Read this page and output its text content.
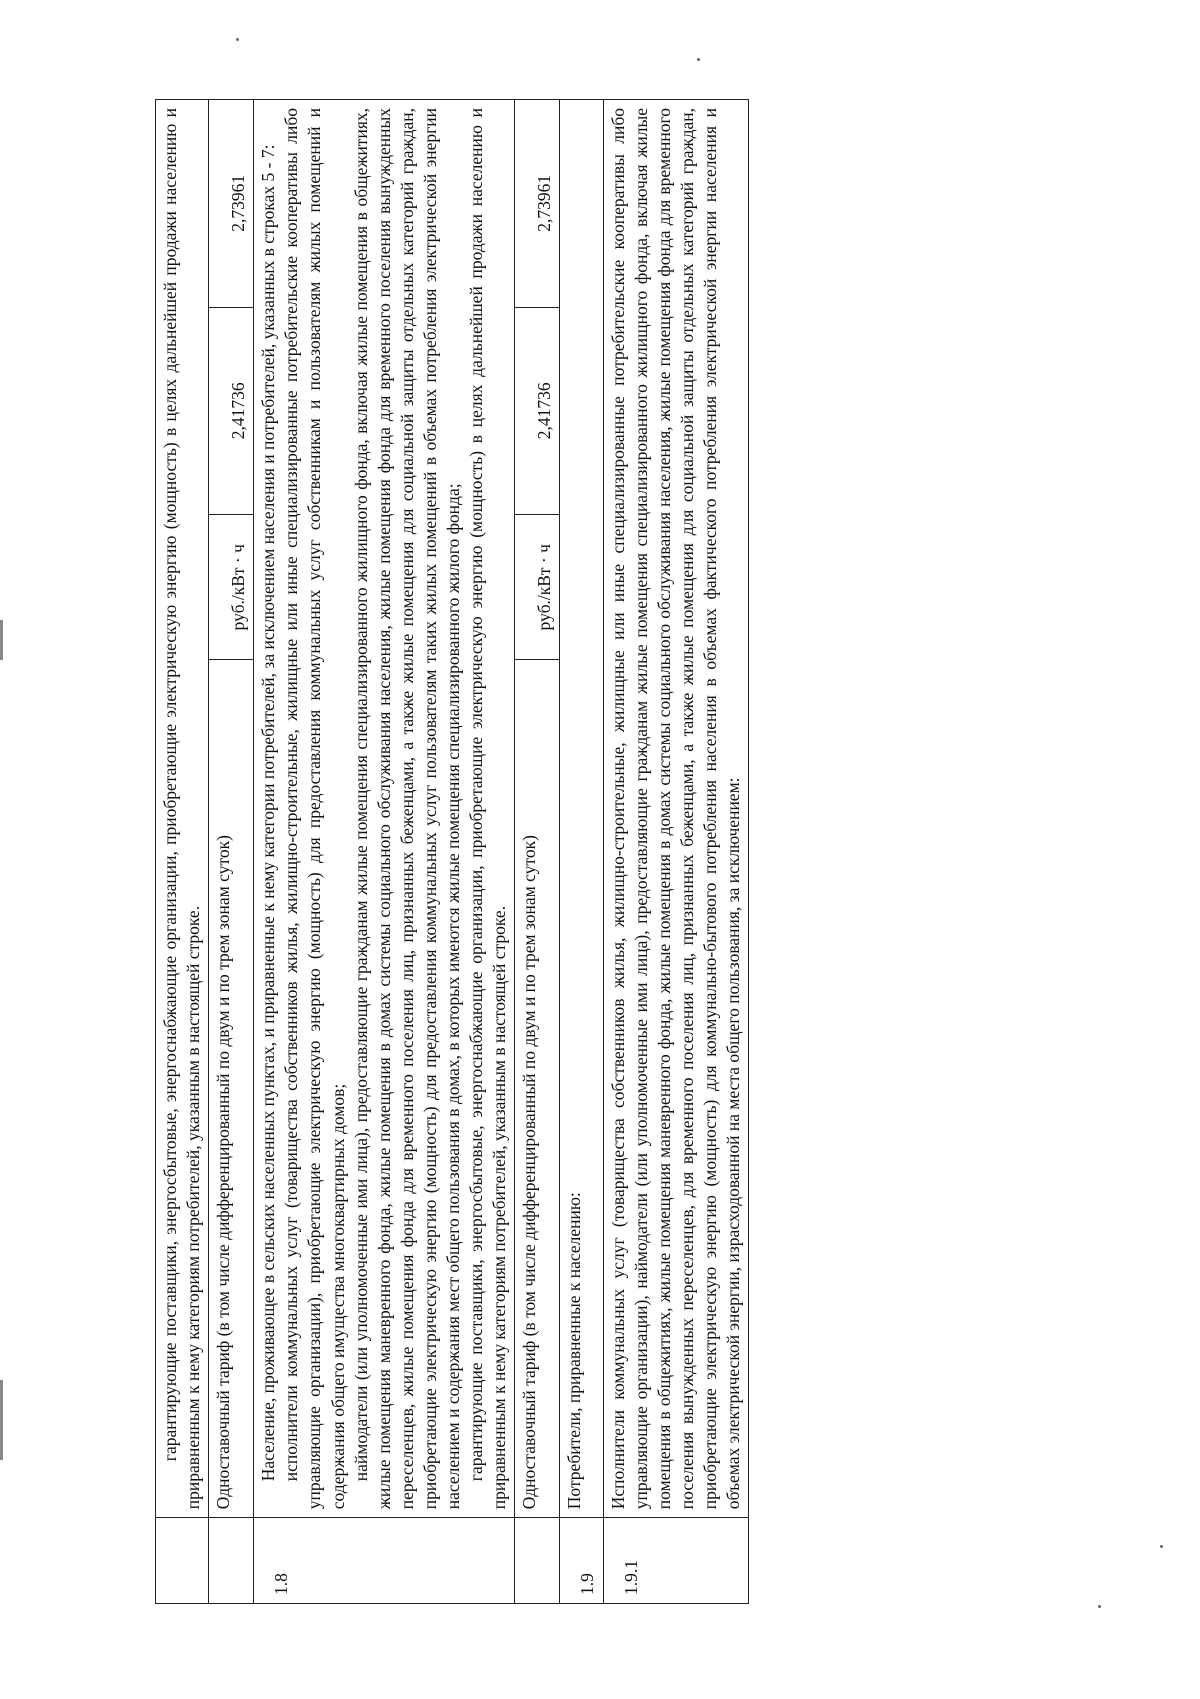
	гарантирующие поставщики, энергосбытовые, энергоснабжающие организации, приобретающие электрическую энергию (мощность) в целях дальнейшей продажи населению и приравненным к нему категориям потребителей, указанным в настоящей строке.			
	Одноставочный тариф (в том числе дифференцированный по двум и по трем зонам суток)	руб./кВт · ч	2,41736	2,73961
1.8	Население, проживающее в сельских населенных пунктах, и приравненные к нему категории потребителей, за исключением населения и потребителей, указанных в строках 5 - 7: исполнители коммунальных услуг (товарищества собственников жилья, жилищно-строительные, жилищные или иные специализированные потребительские кооперативы либо управляющие организации), приобретающие электрическую энергию (мощность) для предоставления коммунальных услуг собственникам и пользователям жилых помещений и содержания общего имущества многоквартирных домов; наймодатели (или уполномоченные ими лица), предоставляющие гражданам жилые помещения специализированного жилищного фонда, включая жилые помещения в общежитиях, жилые помещения маневренного фонда, жилые помещения в домах системы социального обслуживания населения, жилые помещения фонда для временного поселения вынужденных переселенцев, жилые помещения фонда для временного поселения лиц, признанных беженцами, а также жилые помещения для социальной защиты отдельных категорий граждан, приобретающие электрическую энергию (мощность) для предоставления коммунальных услуг пользователям таких жилых помещений в объемах потребления электрической энергии населением и содержания мест общего пользования в домах, в которых имеются жилые помещения специализированного жилого фонда; гарантирующие поставщики, энергосбытовые, энергоснабжающие организации, приобретающие электрическую энергию (мощность) в целях дальнейшей продажи населению и приравненным к нему категориям потребителей, указанным в настоящей строке.			

	Одноставочный тариф (в том числе дифференцированный по двум и по трем зонам суток)	руб./кВт · ч	2,41736	2,73961
1.9	Потребители, приравненные к населению:			
1.9.1	Исполнители коммунальных услуг (товарищества собственников жилья, жилищно-строительные, жилищные или иные специализированные потребительские кооперативы либо управляющие организации), наймодатели (или уполномоченные ими лица), предоставляющие гражданам жилые помещения специализированного жилищного фонда, включая жилые помещения в общежитиях, жилые помещения маневренного фонда, жилые помещения в домах системы социального обслуживания населения, жилые помещения фонда для временного поселения вынужденных переселенцев, для временного поселения лиц, признанных беженцами, а также жилые помещения для социальной защиты отдельных категорий граждан, приобретающие электрическую энергию (мощность) для коммунально-бытового потребления населения в объемах фактического потребления электрической энергии населения и объемах электрической энергии, израсходованной на места общего пользования, за исключением:			
